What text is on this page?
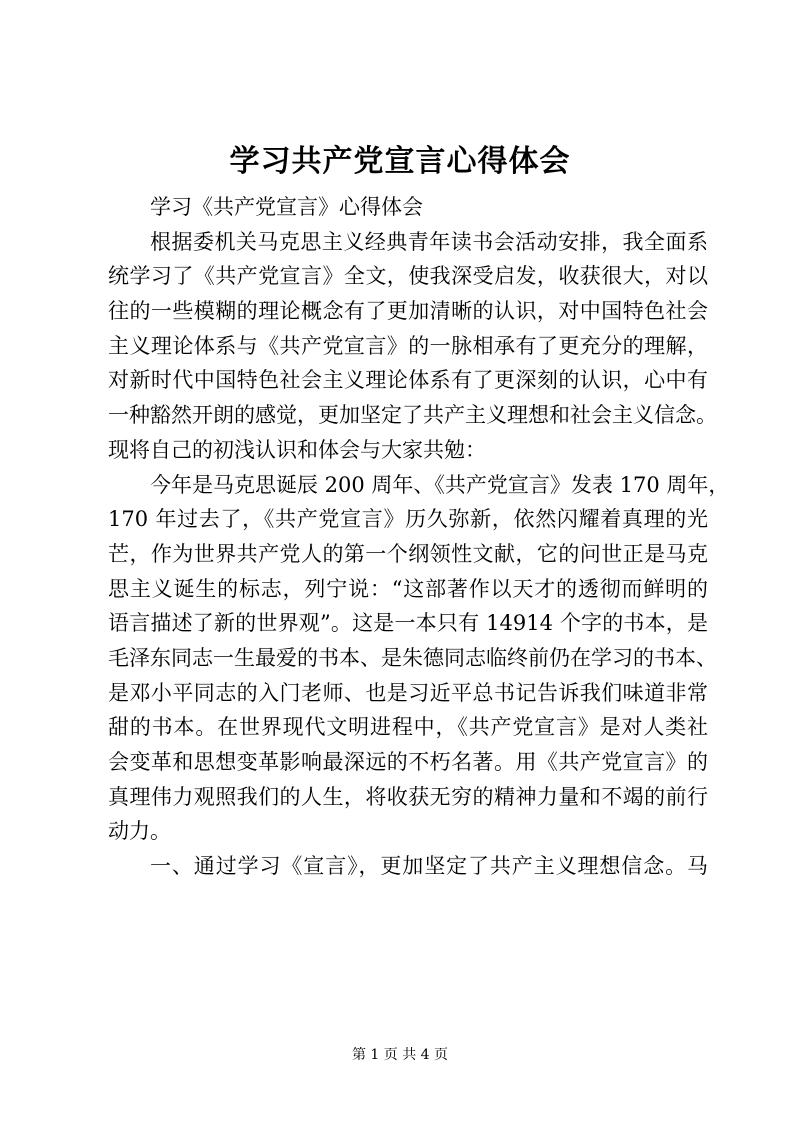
学习共产党宣言心得体会
学习《共产党宣言》心得体会
根据委机关马克思主义经典青年读书会活动安排，我全面系
统学习了《共产党宣言》全文，使我深受启发，收获很大，对以
往的一些模糊的理论概念有了更加清晰的认识，对中国特色社会
主义理论体系与《共产党宣言》的一脉相承有了更充分的理解，
对新时代中国特色社会主义理论体系有了更深刻的认识，心中有
一种豁然开朗的感觉，更加坚定了共产主义理想和社会主义信念。
现将自己的初浅认识和体会与大家共勉：
今年是马克思诞辰 200 周年、《共产党宣言》发表 170 周年，
170 年过去了，《共产党宣言》历久弥新，依然闪耀着真理的光
芒，作为世界共产党人的第一个纲领性文献，它的问世正是马克
思主义诞生的标志，列宁说：“这部著作以天才的透彻而鲜明的
语言描述了新的世界观”。这是一本只有 14914 个字的书本，是
毛泽东同志一生最爱的书本、是朱德同志临终前仍在学习的书本、
是邓小平同志的入门老师、也是习近平总书记告诉我们味道非常
甜的书本。在世界现代文明进程中，《共产党宣言》是对人类社
会变革和思想变革影响最深远的不朽名著。用《共产党宣言》的
真理伟力观照我们的人生，将收获无穷的精神力量和不竭的前行
动力。
一、通过学习《宣言》，更加坚定了共产主义理想信念。马
第 1 页 共 4 页
